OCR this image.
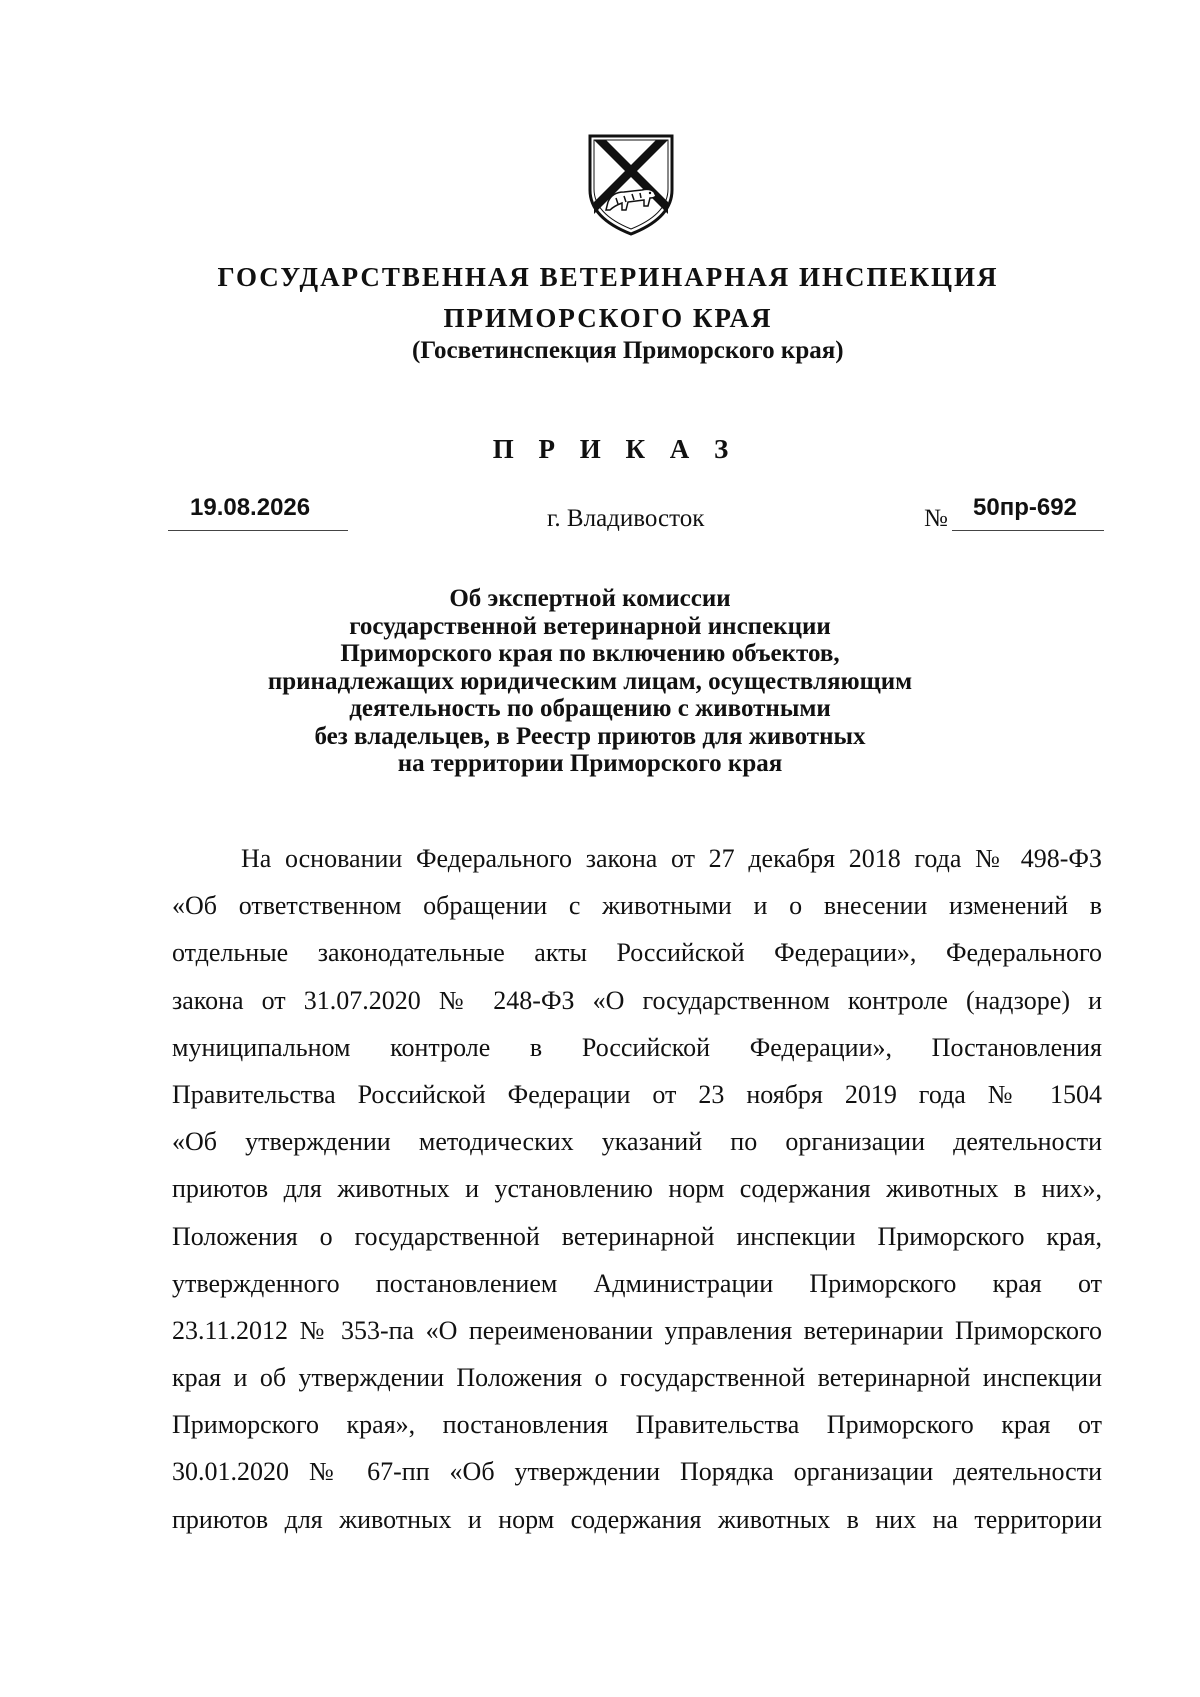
ГОСУДАРСТВЕННАЯ ВЕТЕРИНАРНАЯ ИНСПЕКЦИЯ
ПРИМОРСКОГО КРАЯ
(Госветинспекция Приморского края)
П Р И К А З
19.08.2026	г. Владивосток	№ 50пр-692
Об экспертной комиссии
государственной ветеринарной инспекции
Приморского края по включению объектов,
принадлежащих юридическим лицам, осуществляющим
деятельность по обращению с животными
без владельцев, в Реестр приютов для животных
на территории Приморского края
На основании Федерального закона от 27 декабря 2018 года № 498-ФЗ
«Об ответственном обращении с животными и о внесении изменений в
отдельные законодательные акты Российской Федерации», Федерального
закона от 31.07.2020 № 248-ФЗ «О государственном контроле (надзоре) и
муниципальном контроле в Российской Федерации», Постановления
Правительства Российской Федерации от 23 ноября 2019 года № 1504
«Об утверждении методических указаний по организации деятельности
приютов для животных и установлению норм содержания животных в них»,
Положения о государственной ветеринарной инспекции Приморского края,
утвержденного постановлением Администрации Приморского края от
23.11.2012 № 353-па «О переименовании управления ветеринарии Приморского
края и об утверждении Положения о государственной ветеринарной инспекции
Приморского края», постановления Правительства Приморского края от
30.01.2020 № 67-пп «Об утверждении Порядка организации деятельности
приютов для животных и норм содержания животных в них на территории
